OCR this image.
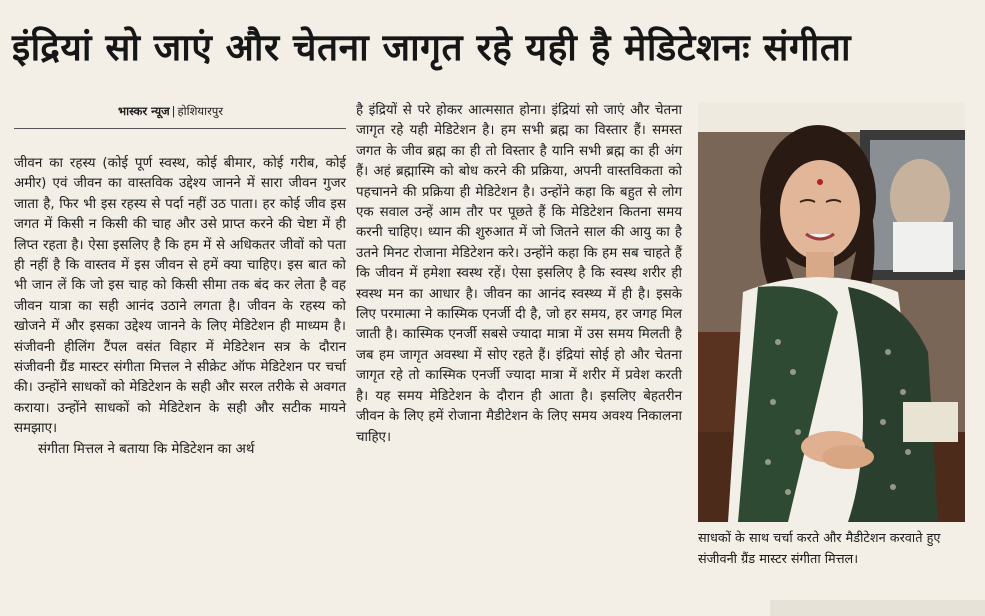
इंद्रियां सो जाएं और चेतना जागृत रहे यही है मेडिटेशनः संगीता
भास्कर न्यूज | होशियारपुर

जीवन का रहस्य (कोई पूर्ण स्वस्थ, कोई बीमार, कोई गरीब, कोई अमीर) एवं जीवन का वास्तविक उद्देश्य जानने में सारा जीवन गुजर जाता है, फिर भी इस रहस्य से पर्दा नहीं उठ पाता। हर कोई जीव इस जगत में किसी न किसी की चाह और उसे प्राप्त करने की चेष्टा में ही लिप्त रहता है। ऐसा इसलिए है कि हम में से अधिकतर जीवों को पता ही नहीं है कि वास्तव में इस जीवन से हमें क्या चाहिए। इस बात को भी जान लें कि जो इस चाह को किसी सीमा तक बंद कर लेता है वह जीवन यात्रा का सही आनंद उठाने लगता है। जीवन के रहस्य को खोजने में और इसका उद्देश्य जानने के लिए मेडिटेशन ही माध्यम है। संजीवनी हीलिंग टैंपल वसंत विहार में मेडिटेशन सत्र के दौरान संजीवनी ग्रैंड मास्टर संगीता मित्तल ने सीक्रेट ऑफ मेडिटेशन पर चर्चा की। उन्होंने साधकों को मेडिटेशन के सही और सरल तरीके से अवगत कराया। उन्होंने साधकों को मेडिटेशन के सही और सटीक मायने समझाए।

संगीता मित्तल ने बताया कि मेडिटेशन का अर्थ

है इंद्रियों से परे होकर आत्मसात होना। इंद्रियां सो जाएं और चेतना जागृत रहे यही मेडिटेशन है। हम सभी ब्रह्म का विस्तार हैं। समस्त जगत के जीव ब्रह्म का ही तो विस्तार है यानि सभी ब्रह्म का ही अंग हैं। अहं ब्रह्मास्मि को बोध करने की प्रक्रिया, अपनी वास्तविकता को पहचानने की प्रक्रिया ही मेडिटेशन है। उन्होंने कहा कि बहुत से लोग एक सवाल उन्हें आम तौर पर पूछते हैं कि मेडिटेशन कितना समय करनी चाहिए। ध्यान की शुरुआत में जो जितने साल की आयु का है उतने मिनट रोजाना मेडिटेशन करे। उन्होंने कहा कि हम सब चाहते हैं कि जीवन में हमेशा स्वस्थ रहें। ऐसा इसलिए है कि स्वस्थ शरीर ही स्वस्थ मन का आधार है। जीवन का आनंद स्वस्थ्य में ही है। इसके लिए परमात्मा ने कास्मिक एनर्जी दी है, जो हर समय, हर जगह मिल जाती है। कास्मिक एनर्जी सबसे ज्यादा मात्रा में उस समय मिलती है जब हम जागृत अवस्था में सोए रहते हैं। इंद्रियां सोई हो और चेतना जागृत रहे तो कास्मिक एनर्जी ज्यादा मात्रा में शरीर में प्रवेश करती है। यह समय मेडिटेशन के दौरान ही आता है। इसलिए बेहतरीन जीवन के लिए हमें रोजाना मैडीटेशन के लिए समय अवश्य निकालना चाहिए।

साधकों के साथ चर्चा करते और मैडीटेशन करवाते हुए संजीवनी ग्रैंड मास्टर संगीता मित्तल।
